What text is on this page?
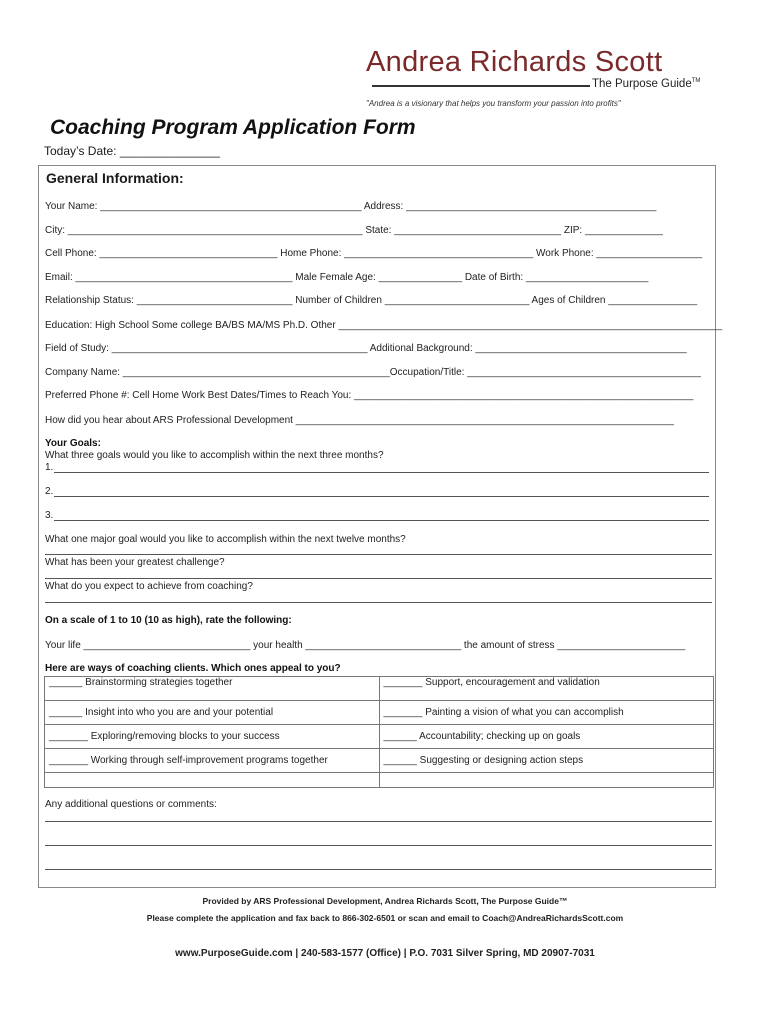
Andrea Richards Scott
The Purpose Guide™
"Andrea is a visionary that helps you transform your passion into profits"
Coaching Program Application Form
Today’s Date: _______________
General Information:
Your Name: _______________________________________________ Address: _____________________________________________
City: _____________________________________________________ State: ______________________________ ZIP: ______________
Cell Phone: ________________________________ Home Phone: __________________________________ Work Phone: ___________________
Email: _______________________________________ Male Female Age: _______________ Date of Birth: ______________________
Relationship Status: ____________________________ Number of Children __________________________ Ages of Children ________________
Education: High School Some college BA/BS MA/MS Ph.D. Other _____________________________________________________________________
Field of Study: ______________________________________________ Additional Background: ______________________________________
Company Name: ________________________________________________Occupation/Title: __________________________________________
Preferred Phone #: Cell Home Work Best Dates/Times to Reach You: _____________________________________________________________
How did you hear about ARS Professional Development ____________________________________________________________________
Your Goals:
What three goals would you like to accomplish within the next three months?
1.
2.
3.
What one major goal would you like to accomplish within the next twelve months?
What has been your greatest challenge?
What do you expect to achieve from coaching?
On a scale of 1 to 10 (10 as high), rate the following:
Your life ______________________________ your health ____________________________ the amount of stress _______________________
Here are ways of coaching clients. Which ones appeal to you?
______ Brainstorming strategies together	_______ Support, encouragement and validation
______ Insight into who you are and your potential	_______ Painting a vision of what you can accomplish
_______ Exploring/removing blocks to your success	______ Accountability; checking up on goals
_______ Working through self-improvement programs together	______ Suggesting or designing action steps

Any additional questions or comments:
Provided by ARS Professional Development, Andrea Richards Scott, The Purpose Guide™
Please complete the application and fax back to 866-302-6501 or scan and email to Coach@AndreaRichardsScott.com
www.PurposeGuide.com | 240-583-1577 (Office) | P.O. 7031 Silver Spring, MD 20907-7031
